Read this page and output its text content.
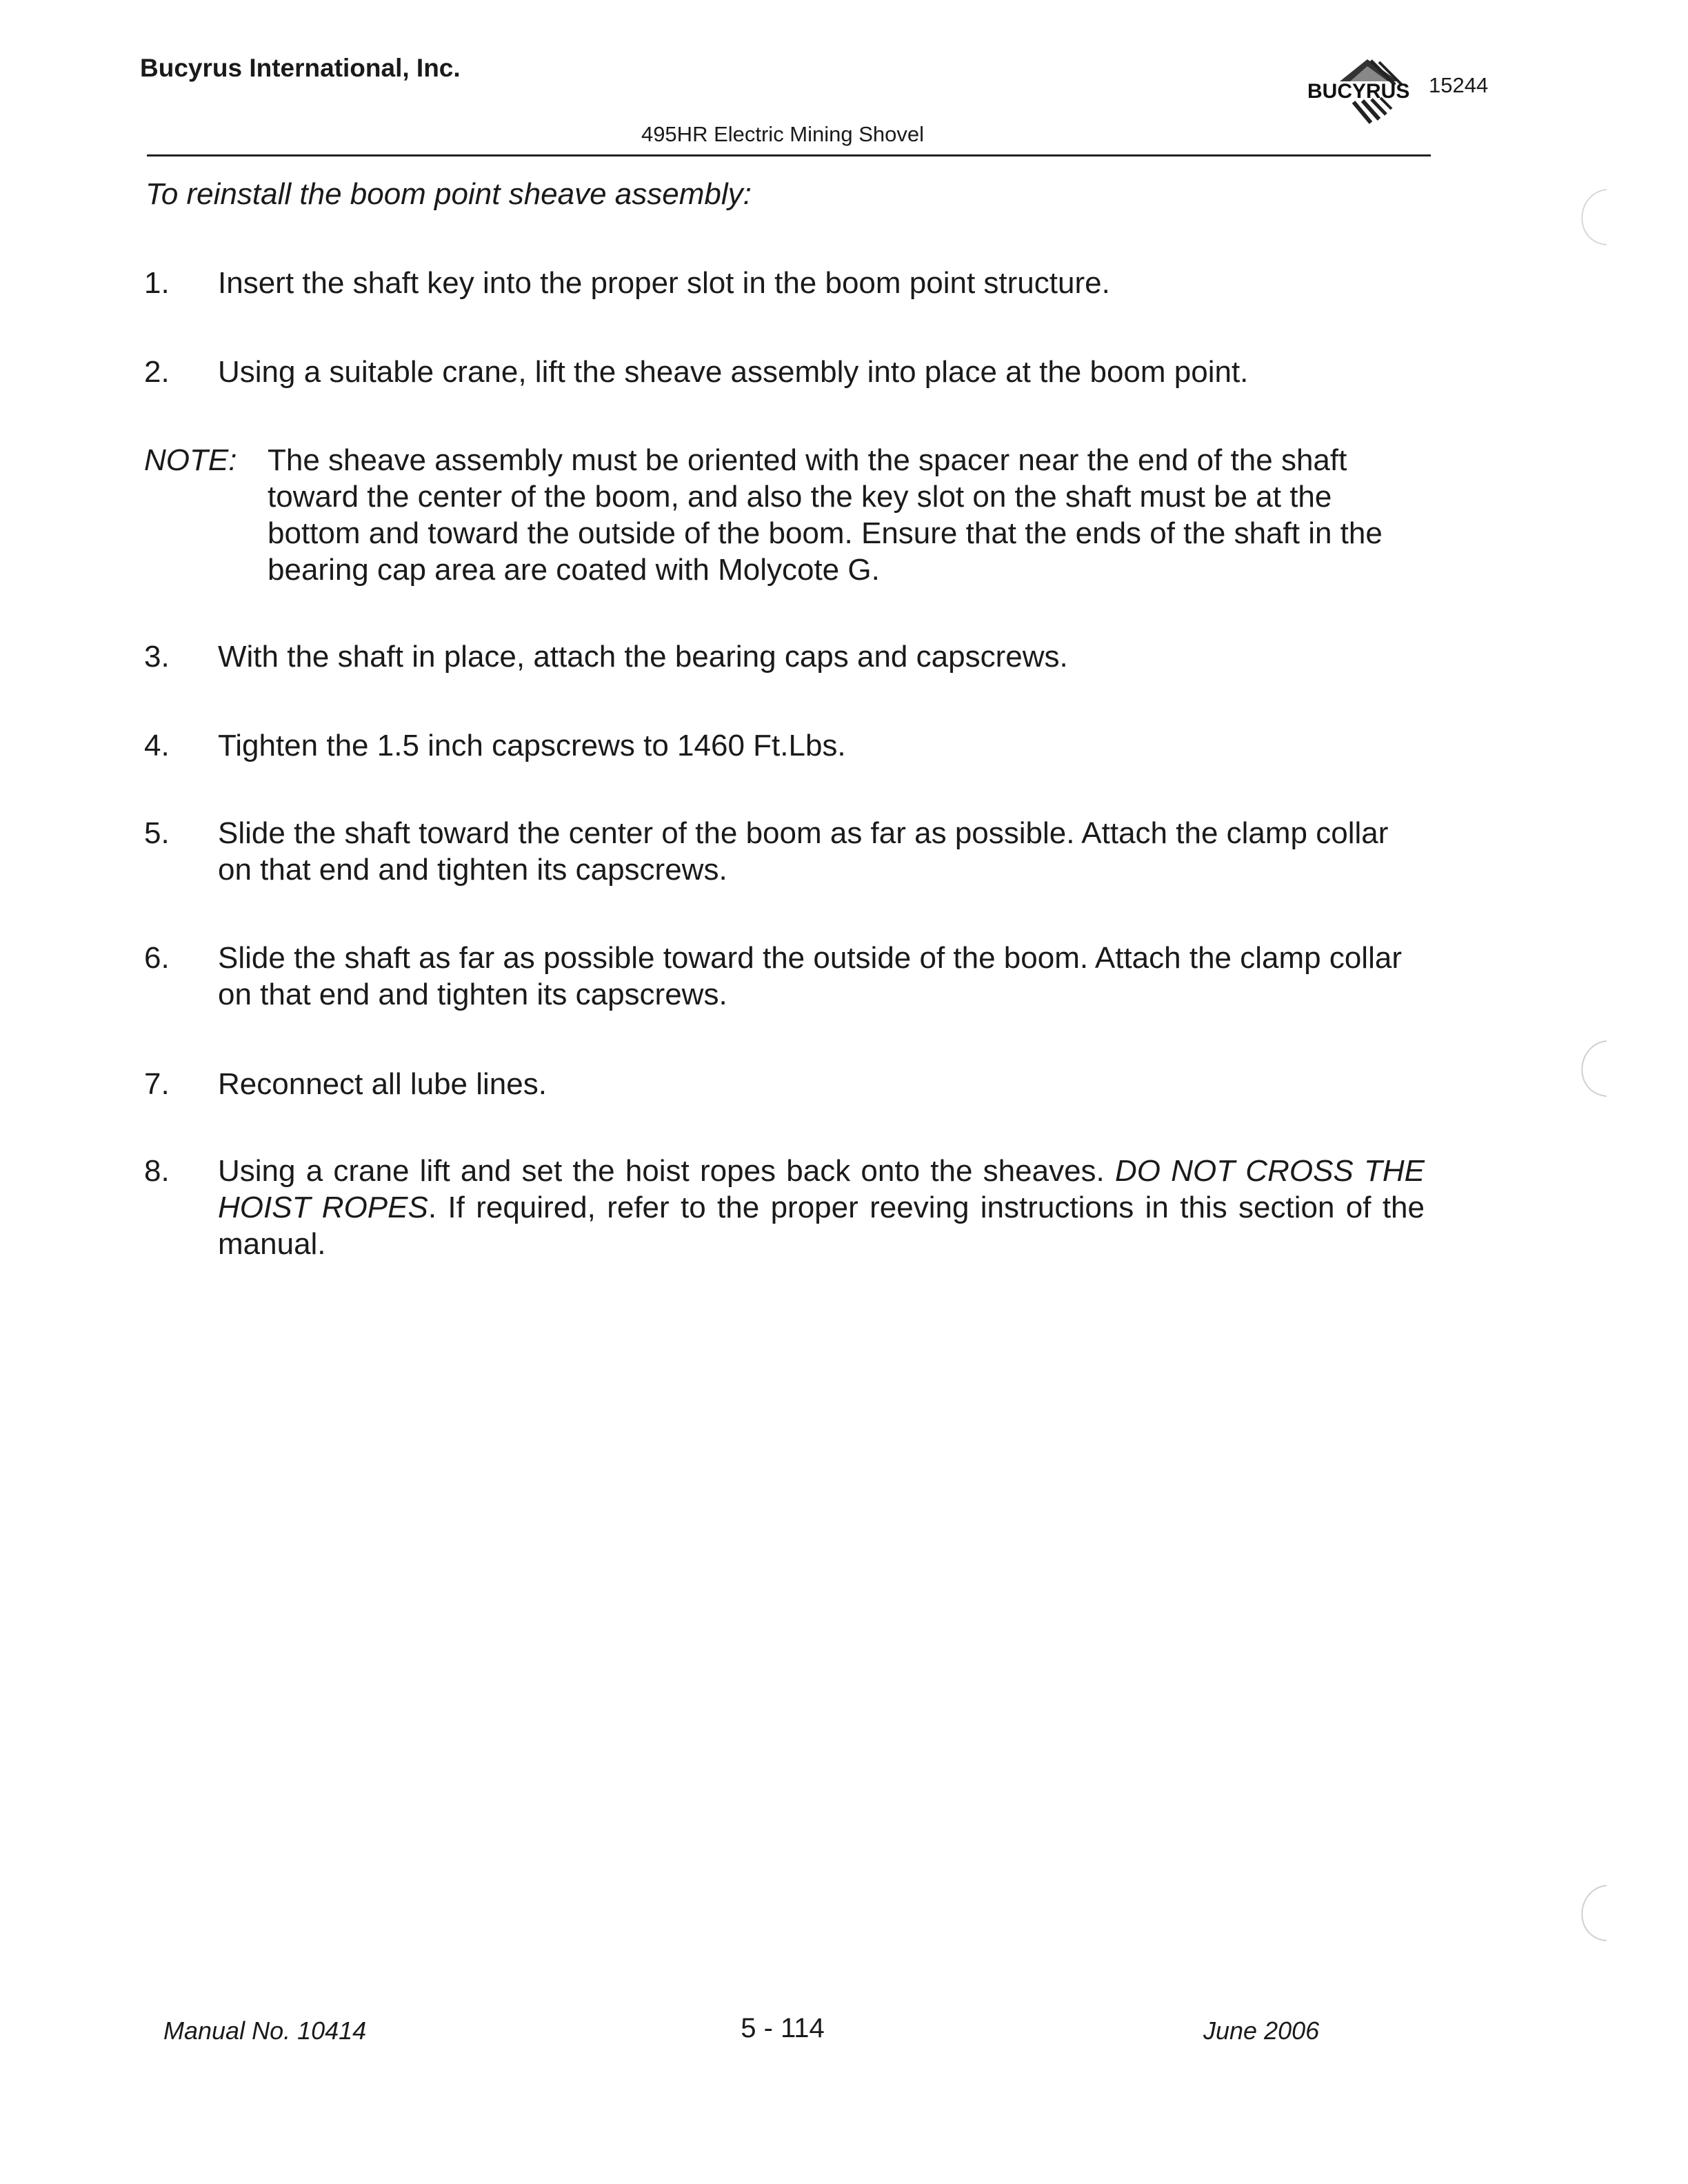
Bucyrus International, Inc.
BUCYRUS 15244
495HR Electric Mining Shovel
To reinstall the boom point sheave assembly:
1. Insert the shaft key into the proper slot in the boom point structure.
2. Using a suitable crane, lift the sheave assembly into place at the boom point.
NOTE: The sheave assembly must be oriented with the spacer near the end of the shaft toward the center of the boom, and also the key slot on the shaft must be at the bottom and toward the outside of the boom. Ensure that the ends of the shaft in the bearing cap area are coated with Molycote G.
3. With the shaft in place, attach the bearing caps and capscrews.
4. Tighten the 1.5 inch capscrews to 1460 Ft.Lbs.
5. Slide the shaft toward the center of the boom as far as possible. Attach the clamp collar on that end and tighten its capscrews.
6. Slide the shaft as far as possible toward the outside of the boom. Attach the clamp collar on that end and tighten its capscrews.
7. Reconnect all lube lines.
8. Using a crane lift and set the hoist ropes back onto the sheaves. DO NOT CROSS THE HOIST ROPES. If required, refer to the proper reeving instructions in this section of the manual.
Manual No. 10414	5 - 114	June 2006
